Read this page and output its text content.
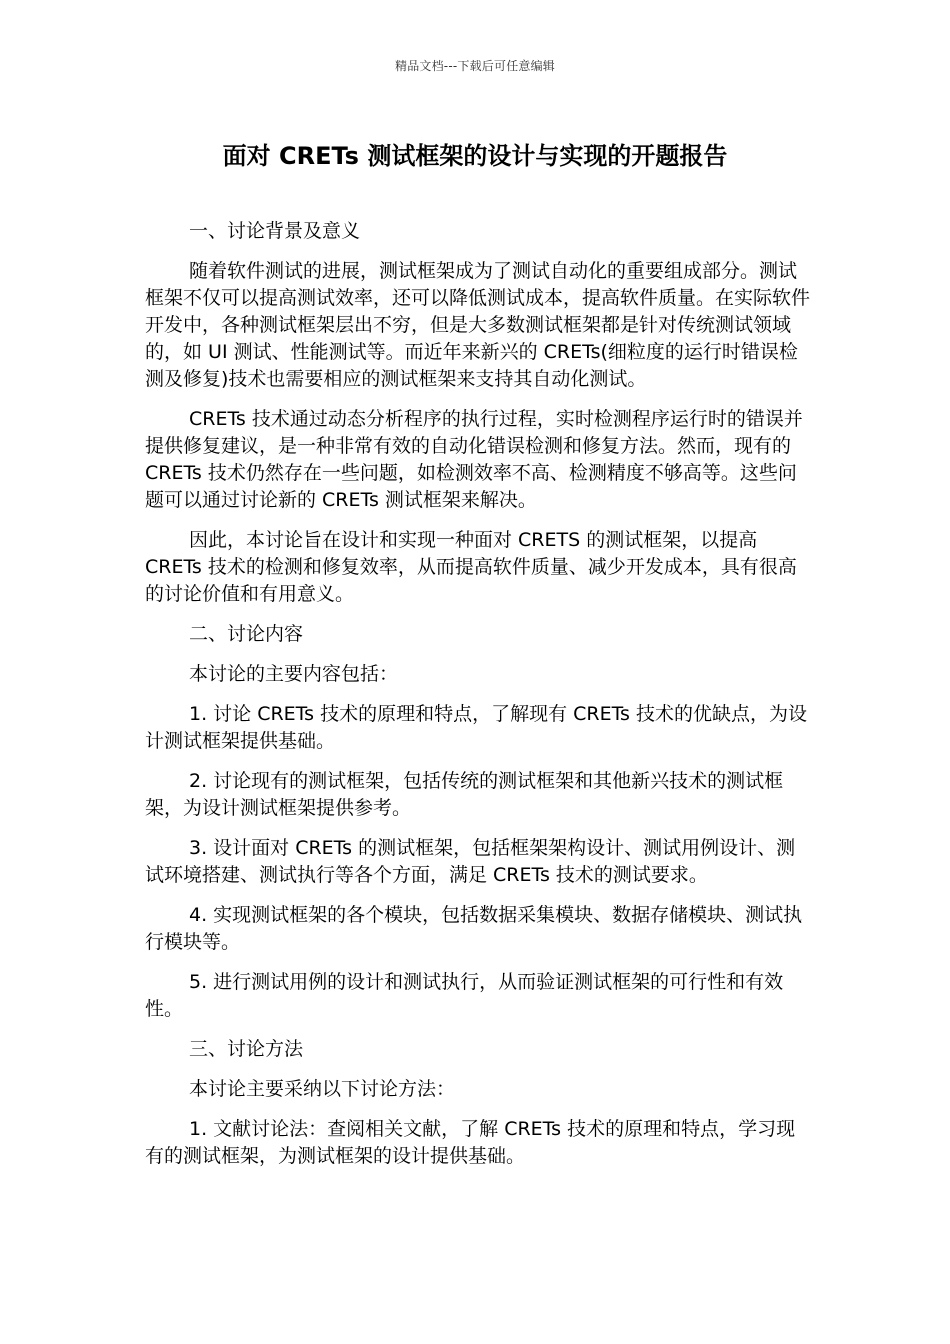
精品文档---下载后可任意编辑
面对 CRETs 测试框架的设计与实现的开题报告

一、讨论背景及意义

随着软件测试的进展，测试框架成为了测试自动化的重要组成部分。测试框架不仅可以提高测试效率，还可以降低测试成本，提高软件质量。在实际软件开发中，各种测试框架层出不穷，但是大多数测试框架都是针对传统测试领域的，如 UI 测试、性能测试等。而近年来新兴的 CRETs(细粒度的运行时错误检测及修复)技术也需要相应的测试框架来支持其自动化测试。

CRETs 技术通过动态分析程序的执行过程，实时检测程序运行时的错误并提供修复建议，是一种非常有效的自动化错误检测和修复方法。然而，现有的 CRETs 技术仍然存在一些问题，如检测效率不高、检测精度不够高等。这些问题可以通过讨论新的 CRETs 测试框架来解决。

因此，本讨论旨在设计和实现一种面对 CRETS 的测试框架，以提高 CRETs 技术的检测和修复效率，从而提高软件质量、减少开发成本，具有很高的讨论价值和有用意义。

二、讨论内容

本讨论的主要内容包括：

1. 讨论 CRETs 技术的原理和特点，了解现有 CRETs 技术的优缺点，为设计测试框架提供基础。

2. 讨论现有的测试框架，包括传统的测试框架和其他新兴技术的测试框架，为设计测试框架提供参考。

3. 设计面对 CRETs 的测试框架，包括框架架构设计、测试用例设计、测试环境搭建、测试执行等各个方面，满足 CRETs 技术的测试要求。

4. 实现测试框架的各个模块，包括数据采集模块、数据存储模块、测试执行模块等。

5. 进行测试用例的设计和测试执行，从而验证测试框架的可行性和有效性。

三、讨论方法

本讨论主要采纳以下讨论方法：

1. 文献讨论法：查阅相关文献，了解 CRETs 技术的原理和特点，学习现有的测试框架，为测试框架的设计提供基础。
